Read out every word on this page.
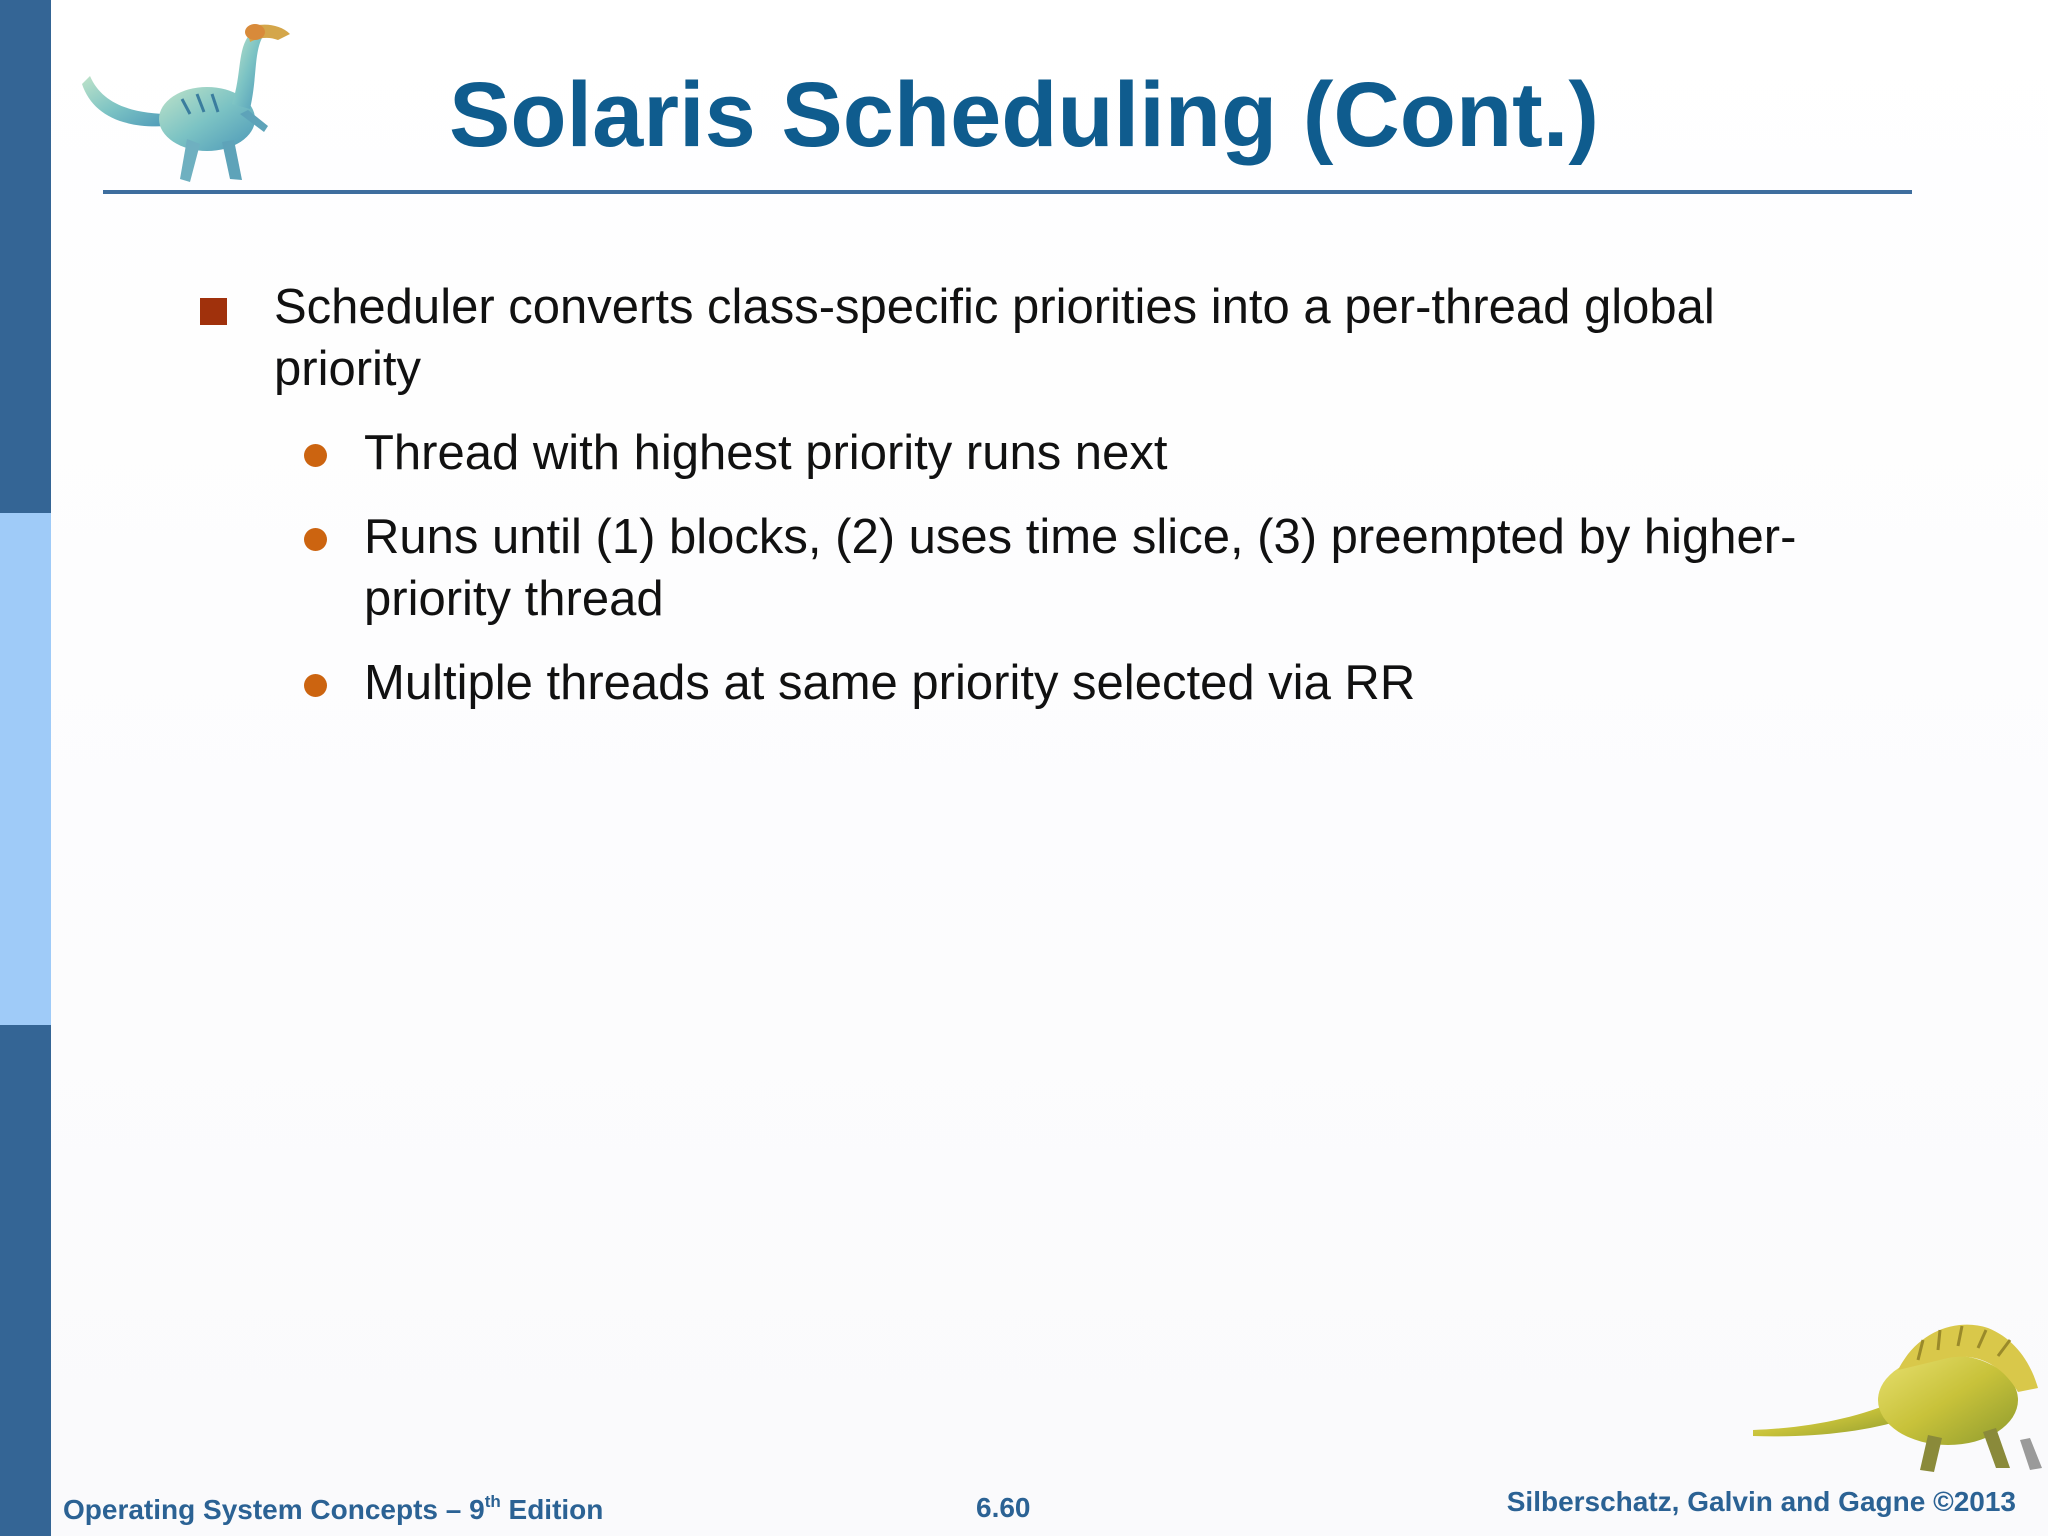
Solaris Scheduling (Cont.)
Scheduler converts class-specific priorities into a per-thread global priority
Thread with highest priority runs next
Runs until (1) blocks, (2) uses time slice, (3) preempted by higher-priority thread
Multiple threads at same priority selected via RR
Operating System Concepts – 9th Edition	6.60	Silberschatz, Galvin and Gagne ©2013
